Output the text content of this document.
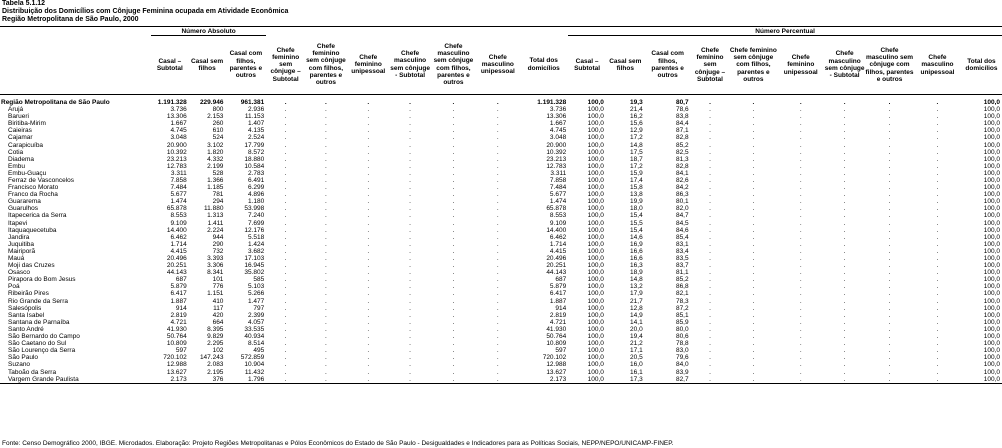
Tabela 5.1.12
Distribuição dos Domicílios com Cônjuge Feminina ocupada em Atividade Econômica
Região Metropolitana de São Paulo, 2000
	Número Absoluto										Número Percentual									
	Casal – Subtotal	Casal sem filhos	Casal com filhos, parentes e outros	Chefe feminino sem cônjuge – Subtotal	Chefe feminino sem cônjuge com filhos, parentes e outros	Chefe feminino unipessoal	Chefe masculino sem cônjuge - Subtotal	Chefe masculino sem cônjuge com filhos, parentes e outros	Chefe masculino unipessoal	Total dos domicílios	Casal – Subtotal	Casal sem filhos	Casal com filhos, parentes e outros	Chefe feminino sem cônjuge – Subtotal	Chefe feminino sem cônjuge com filhos, parentes e outros	Chefe feminino unipessoal	Chefe masculino sem cônjuge - Subtotal	Chefe masculino sem cônjuge com filhos, parentes e outros	Chefe masculino unipessoal	Total dos domicílios
Região Metropolitana de São Paulo	1.191.328	229.946	961.381	.	.	.	.	.	.	1.191.328	100,0	19,3	80,7	.	.	.	.	.	.	100,0
Arujá	3.736	800	2.936	.	.	.	.	.	.	3.736	100,0	21,4	78,6	.	.	.	.	.	.	100,0
Barueri	13.306	2.153	11.153	.	.	.	.	.	.	13.306	100,0	16,2	83,8	.	.	.	.	.	.	100,0
Biritiba-Mirim	1.667	260	1.407	.	.	.	.	.	.	1.667	100,0	15,6	84,4	.	.	.	.	.	.	100,0
Caieiras	4.745	610	4.135	.	.	.	.	.	.	4.745	100,0	12,9	87,1	.	.	.	.	.	.	100,0
Cajamar	3.048	524	2.524	.	.	.	.	.	.	3.048	100,0	17,2	82,8	.	.	.	.	.	.	100,0
Carapicuíba	20.900	3.102	17.799	.	.	.	.	.	.	20.900	100,0	14,8	85,2	.	.	.	.	.	.	100,0
Cotia	10.392	1.820	8.572	.	.	.	.	.	.	10.392	100,0	17,5	82,5	.	.	.	.	.	.	100,0
Diadema	23.213	4.332	18.880	.	.	.	.	.	.	23.213	100,0	18,7	81,3	.	.	.	.	.	.	100,0
Embu	12.783	2.199	10.584	.	.	.	.	.	.	12.783	100,0	17,2	82,8	.	.	.	.	.	.	100,0
Embu-Guaçu	3.311	528	2.783	.	.	.	.	.	.	3.311	100,0	15,9	84,1	.	.	.	.	.	.	100,0
Ferraz de Vasconcelos	7.858	1.366	6.491	.	.	.	.	.	.	7.858	100,0	17,4	82,6	.	.	.	.	.	.	100,0
Francisco Morato	7.484	1.185	6.299	.	.	.	.	.	.	7.484	100,0	15,8	84,2	.	.	.	.	.	.	100,0
Franco da Rocha	5.677	781	4.896	.	.	.	.	.	.	5.677	100,0	13,8	86,3	.	.	.	.	.	.	100,0
Guararema	1.474	294	1.180	.	.	.	.	.	.	1.474	100,0	19,9	80,1	.	.	.	.	.	.	100,0
Guarulhos	65.878	11.880	53.998	.	.	.	.	.	.	65.878	100,0	18,0	82,0	.	.	.	.	.	.	100,0
Itapecerica da Serra	8.553	1.313	7.240	.	.	.	.	.	.	8.553	100,0	15,4	84,7	.	.	.	.	.	.	100,0
Itapevi	9.109	1.411	7.699	.	.	.	.	.	.	9.109	100,0	15,5	84,5	.	.	.	.	.	.	100,0
Itaquaquecetuba	14.400	2.224	12.176	.	.	.	.	.	.	14.400	100,0	15,4	84,6	.	.	.	.	.	.	100,0
Jandira	6.462	944	5.518	.	.	.	.	.	.	6.462	100,0	14,6	85,4	.	.	.	.	.	.	100,0
Juquitiba	1.714	290	1.424	.	.	.	.	.	.	1.714	100,0	16,9	83,1	.	.	.	.	.	.	100,0
Mairiporã	4.415	732	3.682	.	.	.	.	.	.	4.415	100,0	16,6	83,4	.	.	.	.	.	.	100,0
Mauá	20.496	3.393	17.103	.	.	.	.	.	.	20.496	100,0	16,6	83,5	.	.	.	.	.	.	100,0
Moji das Cruzes	20.251	3.306	16.945	.	.	.	.	.	.	20.251	100,0	16,3	83,7	.	.	.	.	.	.	100,0
Osasco	44.143	8.341	35.802	.	.	.	.	.	.	44.143	100,0	18,9	81,1	.	.	.	.	.	.	100,0
Pirapora do Bom Jesus	687	101	585	.	.	.	.	.	.	687	100,0	14,8	85,2	.	.	.	.	.	.	100,0
Poá	5.879	776	5.103	.	.	.	.	.	.	5.879	100,0	13,2	86,8	.	.	.	.	.	.	100,0
Ribeirão Pires	6.417	1.151	5.266	.	.	.	.	.	.	6.417	100,0	17,9	82,1	.	.	.	.	.	.	100,0
Rio Grande da Serra	1.887	410	1.477	.	.	.	.	.	.	1.887	100,0	21,7	78,3	.	.	.	.	.	.	100,0
Salesópolis	914	117	797	.	.	.	.	.	.	914	100,0	12,8	87,2	.	.	.	.	.	.	100,0
Santa Isabel	2.819	420	2.399	.	.	.	.	.	.	2.819	100,0	14,9	85,1	.	.	.	.	.	.	100,0
Santana de Parnaíba	4.721	664	4.057	.	.	.	.	.	.	4.721	100,0	14,1	85,9	.	.	.	.	.	.	100,0
Santo André	41.930	8.395	33.535	.	.	.	.	.	.	41.930	100,0	20,0	80,0	.	.	.	.	.	.	100,0
São Bernardo do Campo	50.764	9.829	40.934	.	.	.	.	.	.	50.764	100,0	19,4	80,6	.	.	.	.	.	.	100,0
São Caetano do Sul	10.809	2.295	8.514	.	.	.	.	.	.	10.809	100,0	21,2	78,8	.	.	.	.	.	.	100,0
São Lourenço da Serra	597	102	495	.	.	.	.	.	.	597	100,0	17,1	83,0	.	.	.	.	.	.	100,0
São Paulo	720.102	147.243	572.859	.	.	.	.	.	.	720.102	100,0	20,5	79,6	.	.	.	.	.	.	100,0
Suzano	12.988	2.083	10.904	.	.	.	.	.	.	12.988	100,0	16,0	84,0	.	.	.	.	.	.	100,0
Taboão da Serra	13.627	2.195	11.432	.	.	.	.	.	.	13.627	100,0	16,1	83,9	.	.	.	.	.	.	100,0
Vargem Grande Paulista	2.173	376	1.796	.	.	.	.	.	.	2.173	100,0	17,3	82,7	.	.	.	.	.	.	100,0
Fonte: Censo Demográfico 2000, IBGE. Microdados. Elaboração: Projeto Regiões Metropolitanas e Pólos Econômicos do Estado de São Paulo - Desigualdades e Indicadores para as Políticas Sociais, NEPP/NEPO/UNICAMP-FINEP.
